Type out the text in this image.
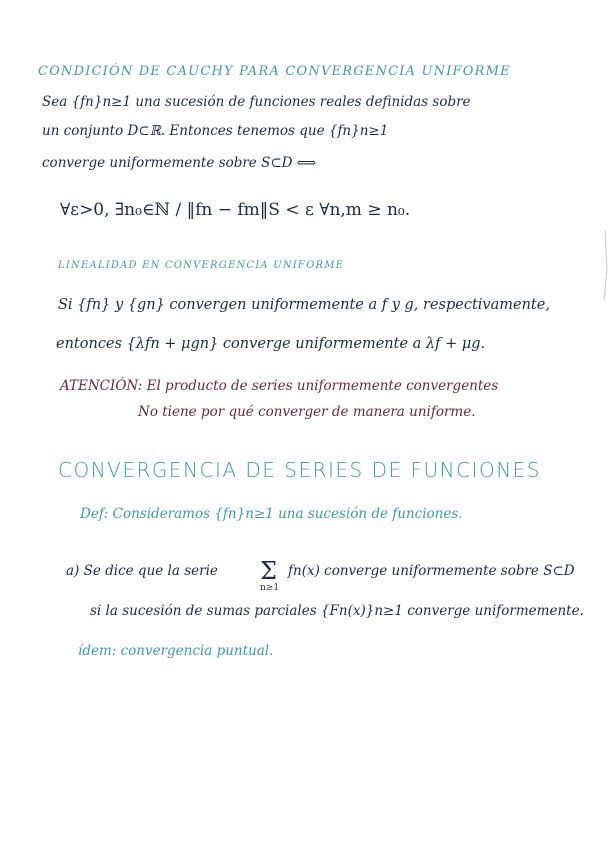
CONDICIÓN DE CAUCHY PARA CONVERGENCIA UNIFORME
Sea {fn}n≥1 una sucesión de funciones reales definidas sobre
un conjunto D⊂ℝ. Entonces tenemos que {fn}n≥1
converge uniformemente sobre S⊂D ⟺
∀ε>0, ∃n₀∈ℕ / ‖fn − fm‖S < ε ∀n,m ≥ n₀.
LINEALIDAD EN CONVERGENCIA UNIFORME
Si {fn} y {gn} convergen uniformemente a f y g, respectivamente,
entonces {λfn + μgn} converge uniformemente a λf + μg.
ATENCIÓN: El producto de series uniformemente convergentes
No tiene por qué converger de manera uniforme.
CONVERGENCIA DE SERIES DE FUNCIONES
Def: Consideramos {fn}n≥1 una sucesión de funciones.
a) Se dice que la serie Σ
n≥1
fn(x) converge uniformemente sobre S⊂D
si la sucesión de sumas parciales {Fn(x)}n≥1 converge uniformemente.
ídem: convergencia puntual.
